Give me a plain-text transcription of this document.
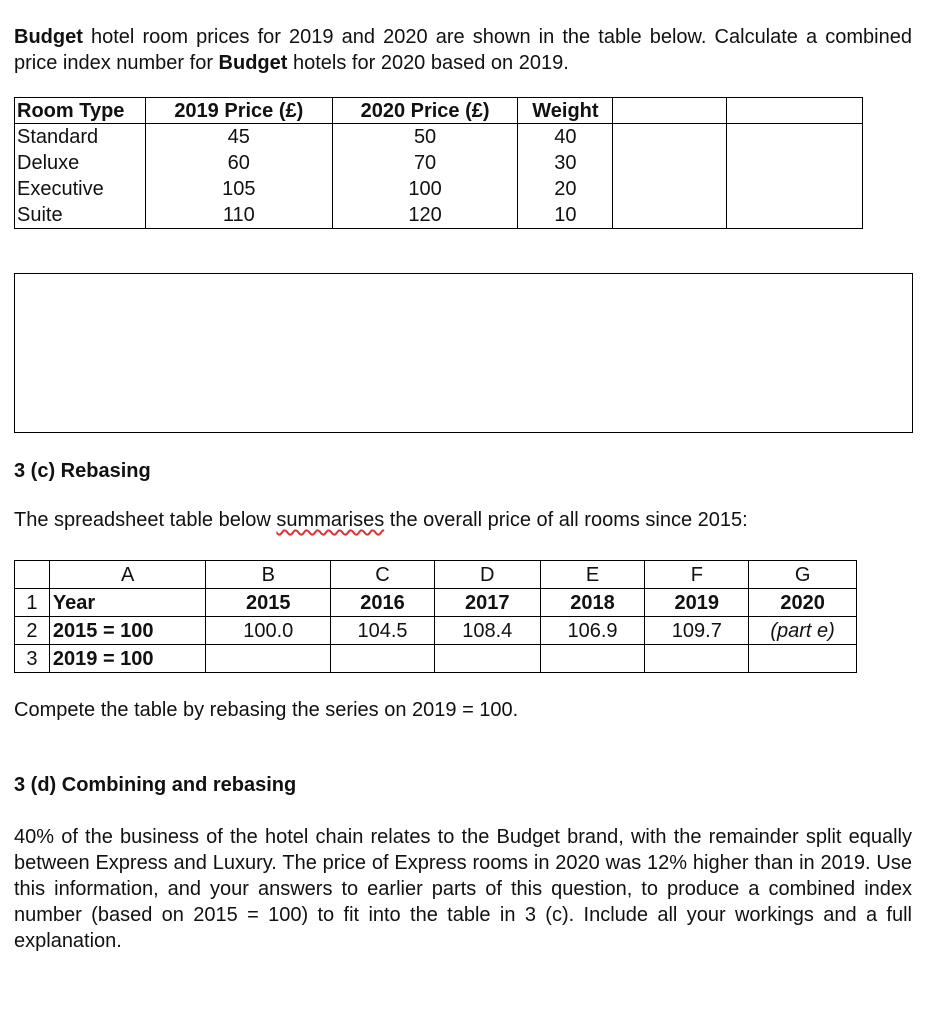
Budget hotel room prices for 2019 and 2020 are shown in the table below. Calculate a combined price index number for Budget hotels for 2020 based on 2019.

Room Type	2019 Price (£)	2020 Price (£)	Weight		
Standard	45	50	40		
Deluxe	60	70	30		
Executive	105	100	20		
Suite	110	120	10		

3 (c) Rebasing

The spreadsheet table below summarises the overall price of all rooms since 2015:

	A	B	C	D	E	F	G
1	Year	2015	2016	2017	2018	2019	2020
2	2015 = 100	100.0	104.5	108.4	106.9	109.7	(part e)
3	2019 = 100						

Compete the table by rebasing the series on 2019 = 100.

3 (d) Combining and rebasing

40% of the business of the hotel chain relates to the Budget brand, with the remainder split equally between Express and Luxury. The price of Express rooms in 2020 was 12% higher than in 2019. Use this information, and your answers to earlier parts of this question, to produce a combined index number (based on 2015 = 100) to fit into the table in 3 (c). Include all your workings and a full explanation.
